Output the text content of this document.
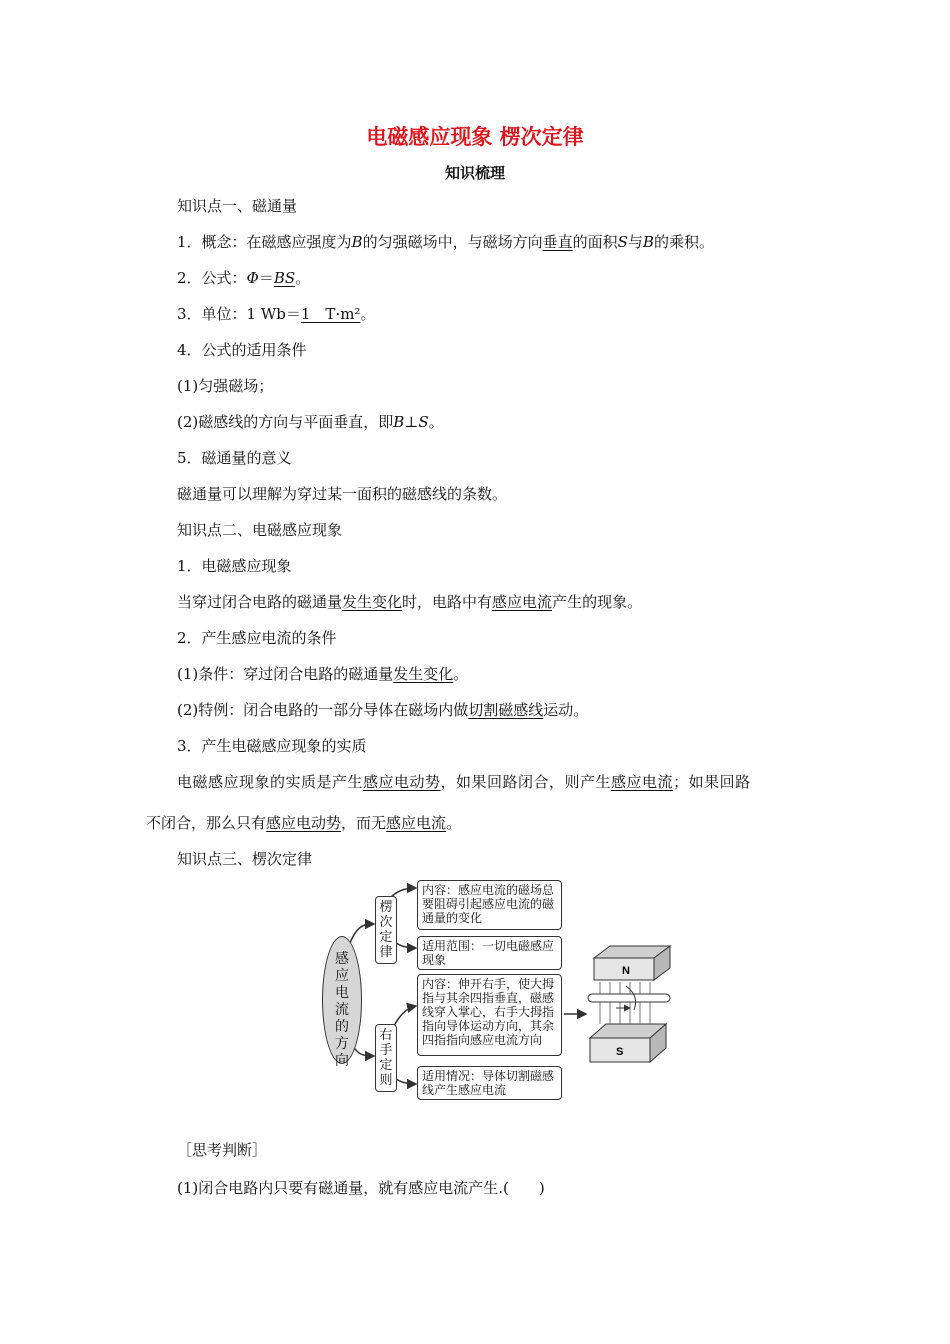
电磁感应现象 楞次定律
知识梳理
知识点一、磁通量
1．概念：在磁感应强度为B的匀强磁场中，与磁场方向垂直的面积S与B的乘积。
2．公式：Φ＝BS。
3．单位：1 Wb＝1　T·m²。
4．公式的适用条件
(1)匀强磁场；
(2)磁感线的方向与平面垂直，即B⊥S。
5．磁通量的意义
磁通量可以理解为穿过某一面积的磁感线的条数。
知识点二、电磁感应现象
1．电磁感应现象
当穿过闭合电路的磁通量发生变化时，电路中有感应电流产生的现象。
2．产生感应电流的条件
(1)条件：穿过闭合电路的磁通量发生变化。
(2)特例：闭合电路的一部分导体在磁场内做切割磁感线运动。
3．产生电磁感应现象的实质
电磁感应现象的实质是产生感应电动势，如果回路闭合，则产生感应电流；如果回路
不闭合，那么只有感应电动势，而无感应电流。
知识点三、楞次定律
感应电流的方向
楞次定律
右手定则
内容：感应电流的磁场总要阻碍引起感应电流的磁通量的变化
适用范围：一切电磁感应现象
内容：伸开右手，使大拇指与其余四指垂直，磁感线穿入掌心，右手大拇指指向导体运动方向，其余四指指向感应电流方向
适用情况：导体切割磁感线产生感应电流
N
S
［思考判断］
(1)闭合电路内只要有磁通量，就有感应电流产生.(　　)
